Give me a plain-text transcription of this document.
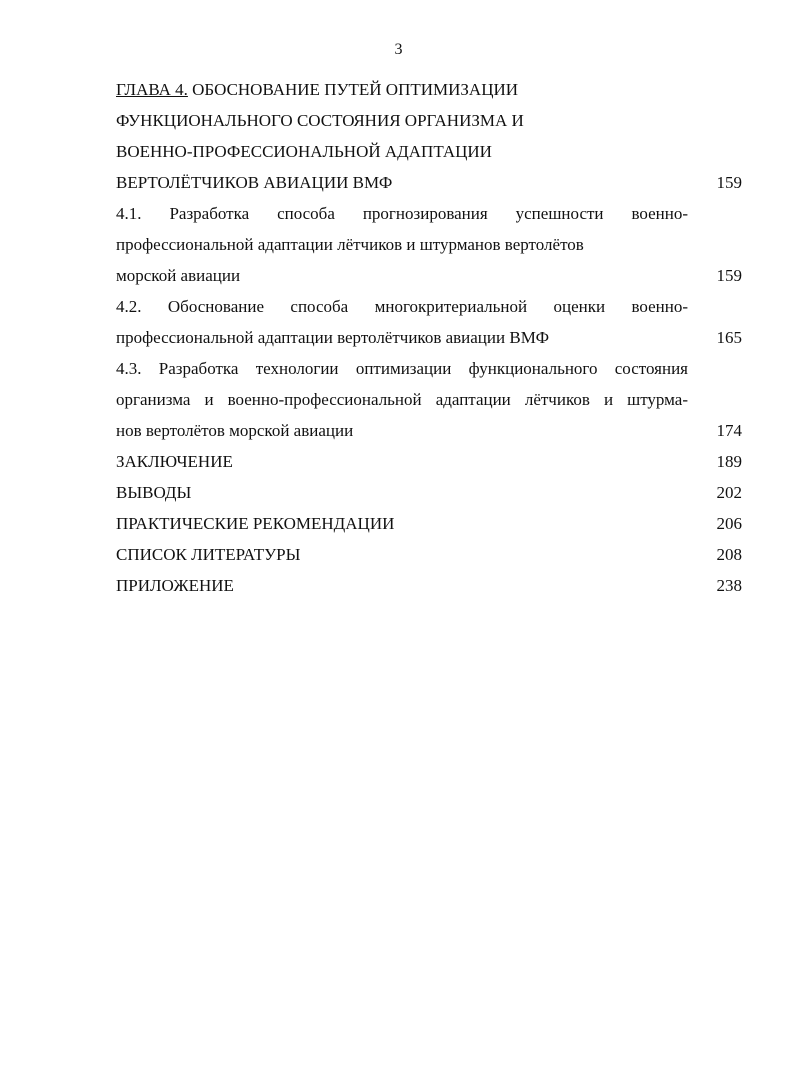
3
ГЛАВА 4. ОБОСНОВАНИЕ ПУТЕЙ ОПТИМИЗАЦИИ
ФУНКЦИОНАЛЬНОГО СОСТОЯНИЯ ОРГАНИЗМА И
ВОЕННО-ПРОФЕССИОНАЛЬНОЙ АДАПТАЦИИ
ВЕРТОЛЁТЧИКОВ АВИАЦИИ ВМФ	159
4.1. Разработка способа прогнозирования успешности военно-
профессиональной адаптации лётчиков и штурманов вертолётов
морской авиации	159
4.2. Обоснование способа многокритериальной оценки военно-
профессиональной адаптации вертолётчиков авиации ВМФ	165
4.3. Разработка технологии оптимизации функционального состояния
организма и военно-профессиональной адаптации лётчиков и штурма-
нов вертолётов морской авиации	174
ЗАКЛЮЧЕНИЕ	189
ВЫВОДЫ	202
ПРАКТИЧЕСКИЕ РЕКОМЕНДАЦИИ	206
СПИСОК ЛИТЕРАТУРЫ	208
ПРИЛОЖЕНИЕ	238
